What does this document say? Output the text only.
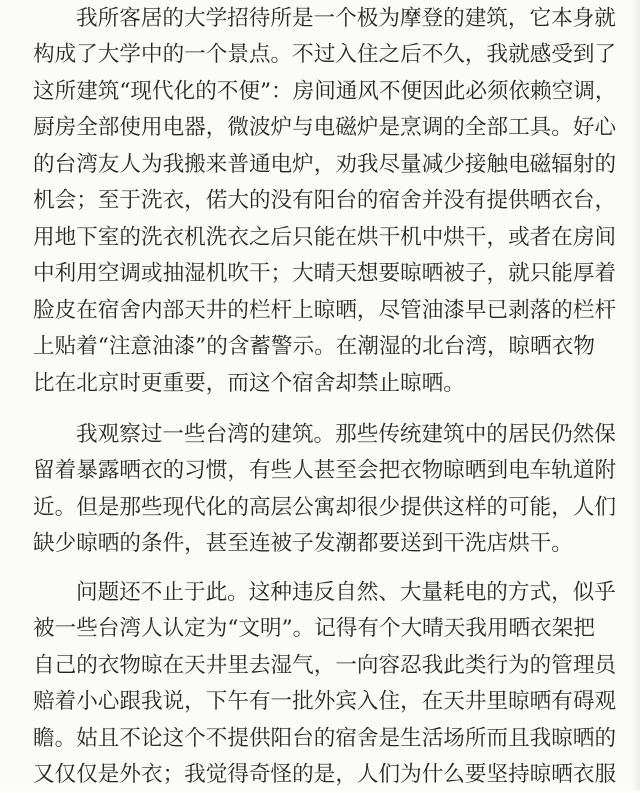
我所客居的大学招待所是一个极为摩登的建筑，它本身就
构成了大学中的一个景点。不过入住之后不久，我就感受到了
这所建筑“现代化的不便”：房间通风不便因此必须依赖空调，
厨房全部使用电器，微波炉与电磁炉是烹调的全部工具。好心
的台湾友人为我搬来普通电炉，劝我尽量减少接触电磁辐射的
机会；至于洗衣，偌大的没有阳台的宿舍并没有提供晒衣台，
用地下室的洗衣机洗衣之后只能在烘干机中烘干，或者在房间
中利用空调或抽湿机吹干；大晴天想要晾晒被子，就只能厚着
脸皮在宿舍内部天井的栏杆上晾晒，尽管油漆早已剥落的栏杆
上贴着“注意油漆”的含蓄警示。在潮湿的北台湾，晾晒衣物
比在北京时更重要，而这个宿舍却禁止晾晒。
我观察过一些台湾的建筑。那些传统建筑中的居民仍然保
留着暴露晒衣的习惯，有些人甚至会把衣物晾晒到电车轨道附
近。但是那些现代化的高层公寓却很少提供这样的可能，人们
缺少晾晒的条件，甚至连被子发潮都要送到干洗店烘干。
问题还不止于此。这种违反自然、大量耗电的方式，似乎
被一些台湾人认定为“文明”。记得有个大晴天我用晒衣架把
自己的衣物晾在天井里去湿气，一向容忍我此类行为的管理员
赔着小心跟我说，下午有一批外宾入住，在天井里晾晒有碍观
瞻。姑且不论这个不提供阳台的宿舍是生活场所而且我晾晒的
又仅仅是外衣；我觉得奇怪的是，人们为什么要坚持晾晒衣服
